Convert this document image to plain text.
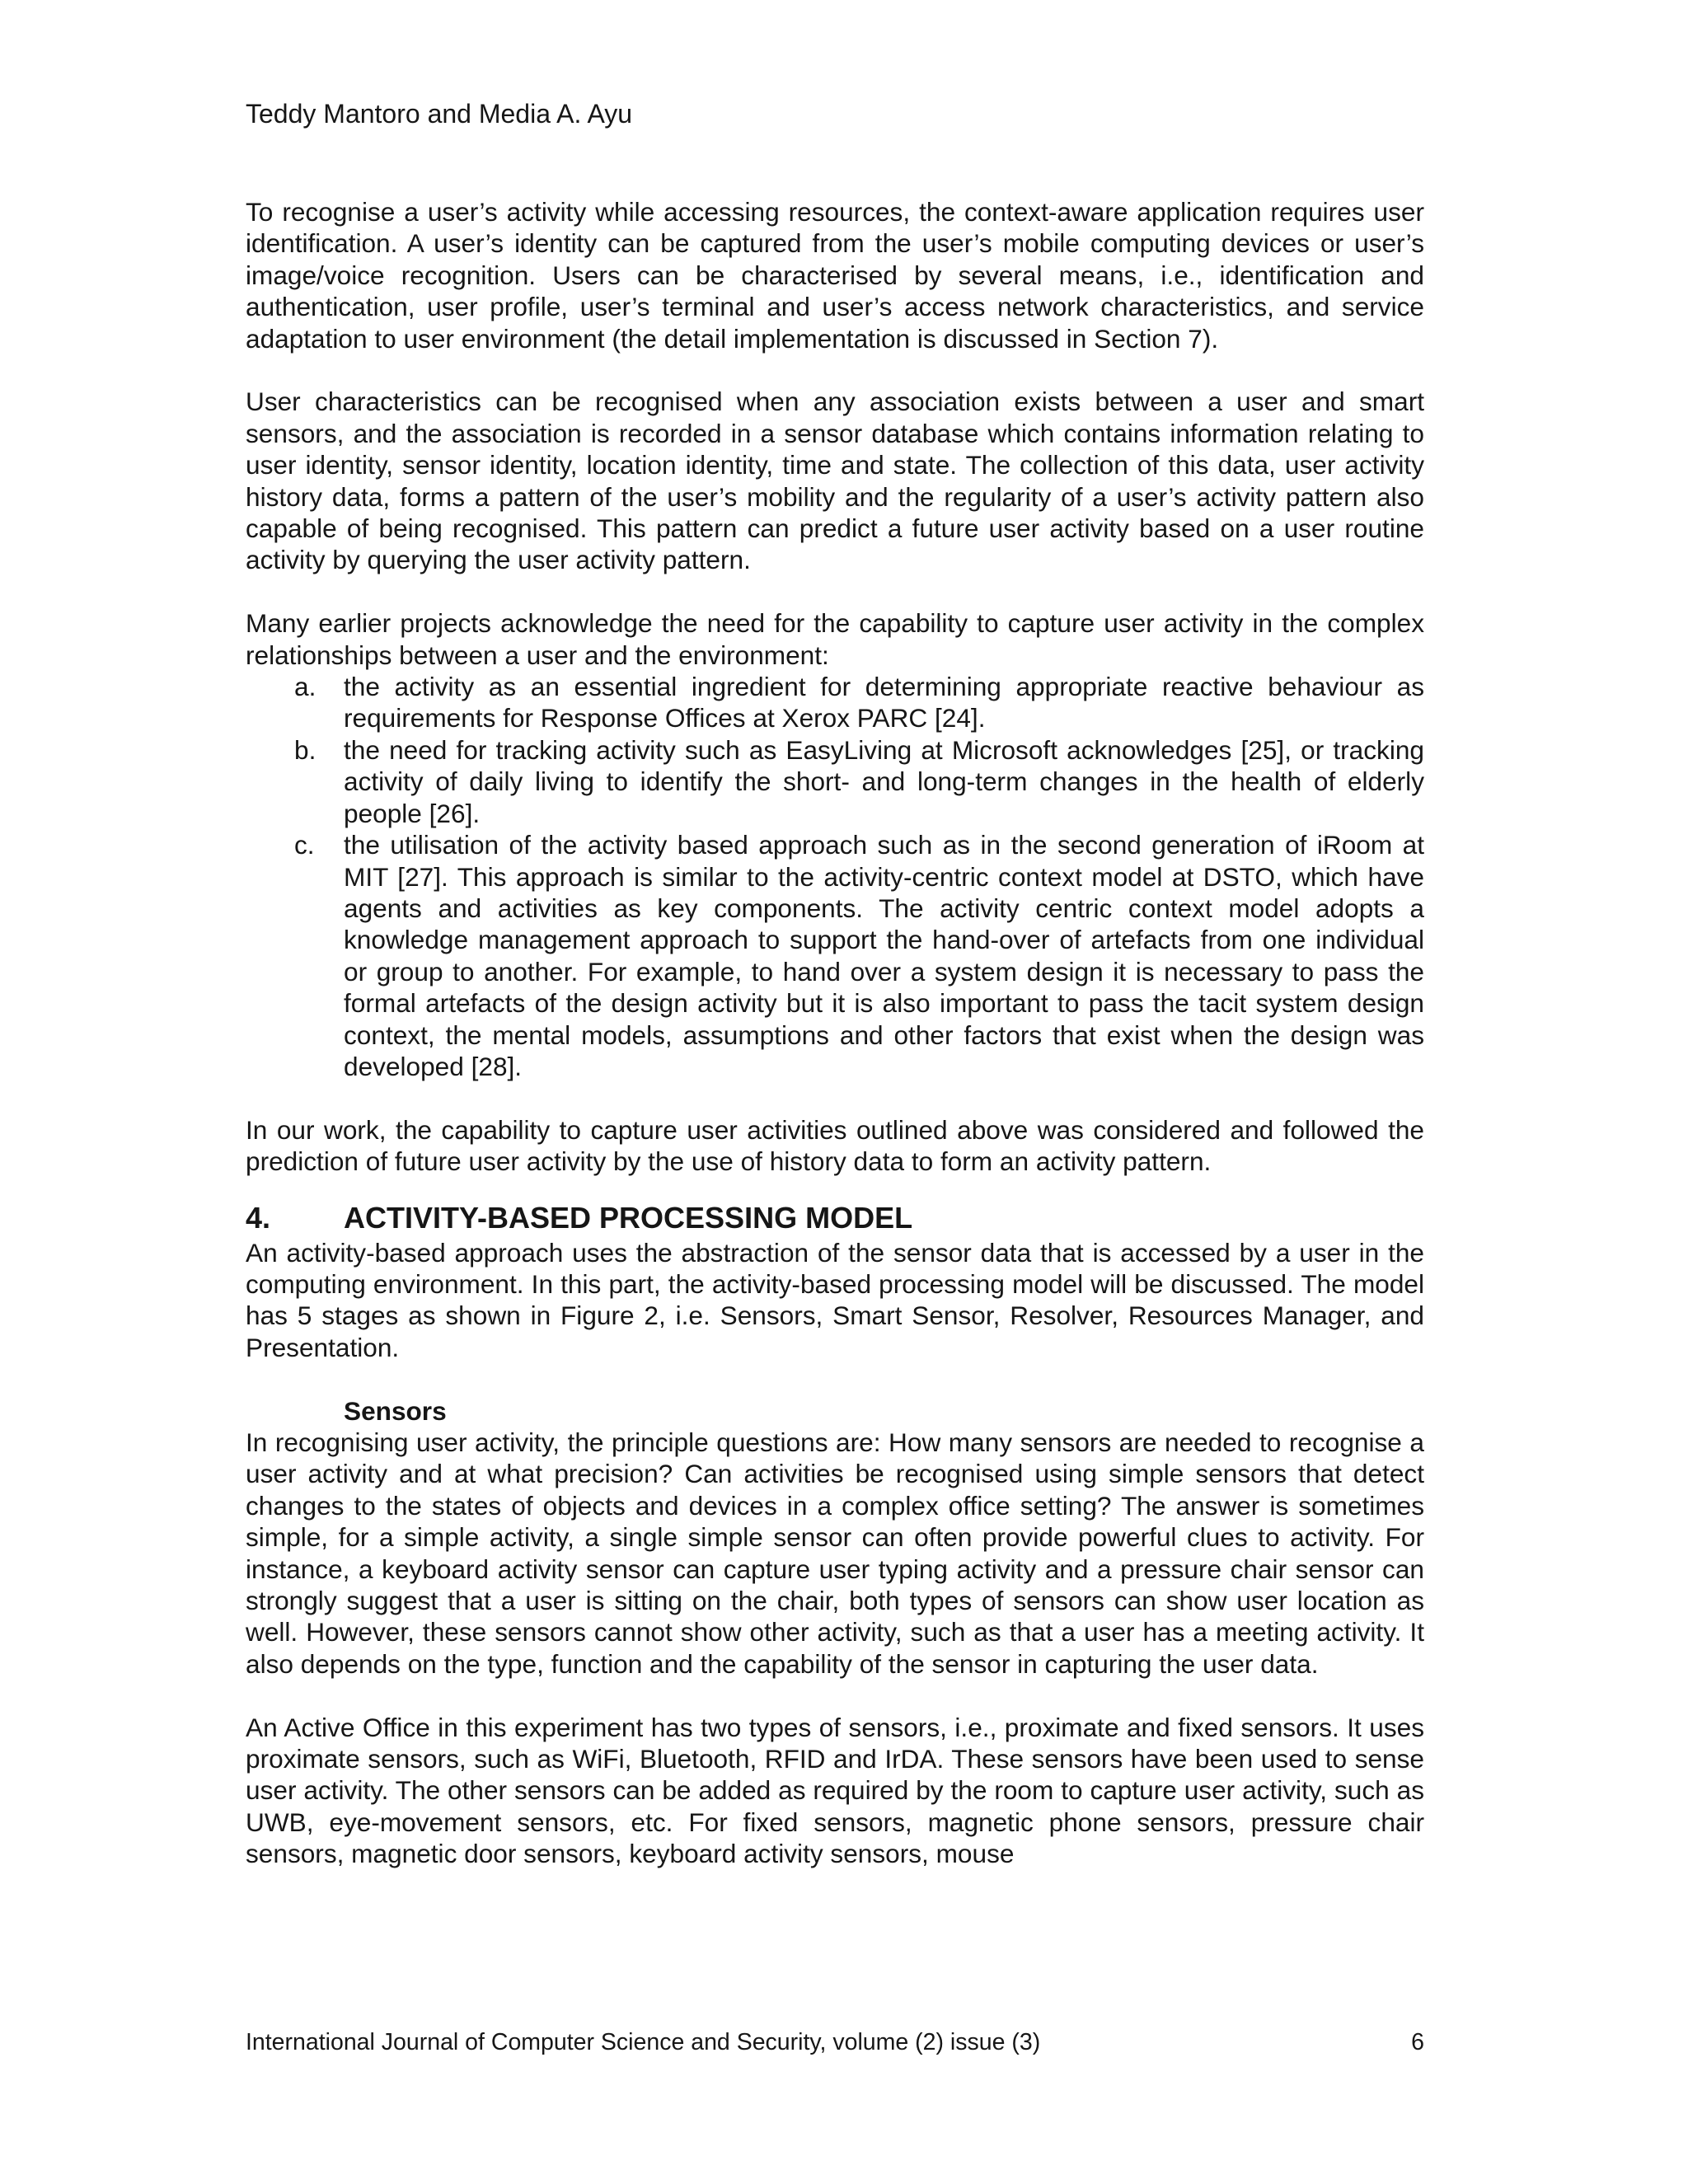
Teddy Mantoro and Media A. Ayu

To recognise a user’s activity while accessing resources, the context-aware application requires user identification. A user’s identity can be captured from the user’s mobile computing devices or user’s image/voice recognition. Users can be characterised by several means, i.e., identification and authentication, user profile, user’s terminal and user’s access network characteristics, and service adaptation to user environment (the detail implementation is discussed in Section 7).

User characteristics can be recognised when any association exists between a user and smart sensors, and the association is recorded in a sensor database which contains information relating to user identity, sensor identity, location identity, time and state. The collection of this data, user activity history data, forms a pattern of the user’s mobility and the regularity of a user’s activity pattern also capable of being recognised. This pattern can predict a future user activity based on a user routine activity by querying the user activity pattern.

Many earlier projects acknowledge the need for the capability to capture user activity in the complex relationships between a user and the environment:

a. the activity as an essential ingredient for determining appropriate reactive behaviour as requirements for Response Offices at Xerox PARC [24].
b. the need for tracking activity such as EasyLiving at Microsoft acknowledges [25], or tracking activity of daily living to identify the short- and long-term changes in the health of elderly people [26].
c. the utilisation of the activity based approach such as in the second generation of iRoom at MIT [27]. This approach is similar to the activity-centric context model at DSTO, which have agents and activities as key components. The activity centric context model adopts a knowledge management approach to support the hand-over of artefacts from one individual or group to another. For example, to hand over a system design it is necessary to pass the formal artefacts of the design activity but it is also important to pass the tacit system design context, the mental models, assumptions and other factors that exist when the design was developed [28].

In our work, the capability to capture user activities outlined above was considered and followed the prediction of future user activity by the use of history data to form an activity pattern.

4.	ACTIVITY-BASED PROCESSING MODEL

An activity-based approach uses the abstraction of the sensor data that is accessed by a user in the computing environment. In this part, the activity-based processing model will be discussed. The model has 5 stages as shown in Figure 2, i.e. Sensors, Smart Sensor, Resolver, Resources Manager, and Presentation.

Sensors

In recognising user activity, the principle questions are: How many sensors are needed to recognise a user activity and at what precision? Can activities be recognised using simple sensors that detect changes to the states of objects and devices in a complex office setting? The answer is sometimes simple, for a simple activity, a single simple sensor can often provide powerful clues to activity. For instance, a keyboard activity sensor can capture user typing activity and a pressure chair sensor can strongly suggest that a user is sitting on the chair, both types of sensors can show user location as well. However, these sensors cannot show other activity, such as that a user has a meeting activity. It also depends on the type, function and the capability of the sensor in capturing the user data.

An Active Office in this experiment has two types of sensors, i.e., proximate and fixed sensors. It uses proximate sensors, such as WiFi, Bluetooth, RFID and IrDA. These sensors have been used to sense user activity. The other sensors can be added as required by the room to capture user activity, such as UWB, eye-movement sensors, etc. For fixed sensors, magnetic phone sensors, pressure chair sensors, magnetic door sensors, keyboard activity sensors, mouse

International Journal of Computer Science and Security, volume (2) issue (3)	6
